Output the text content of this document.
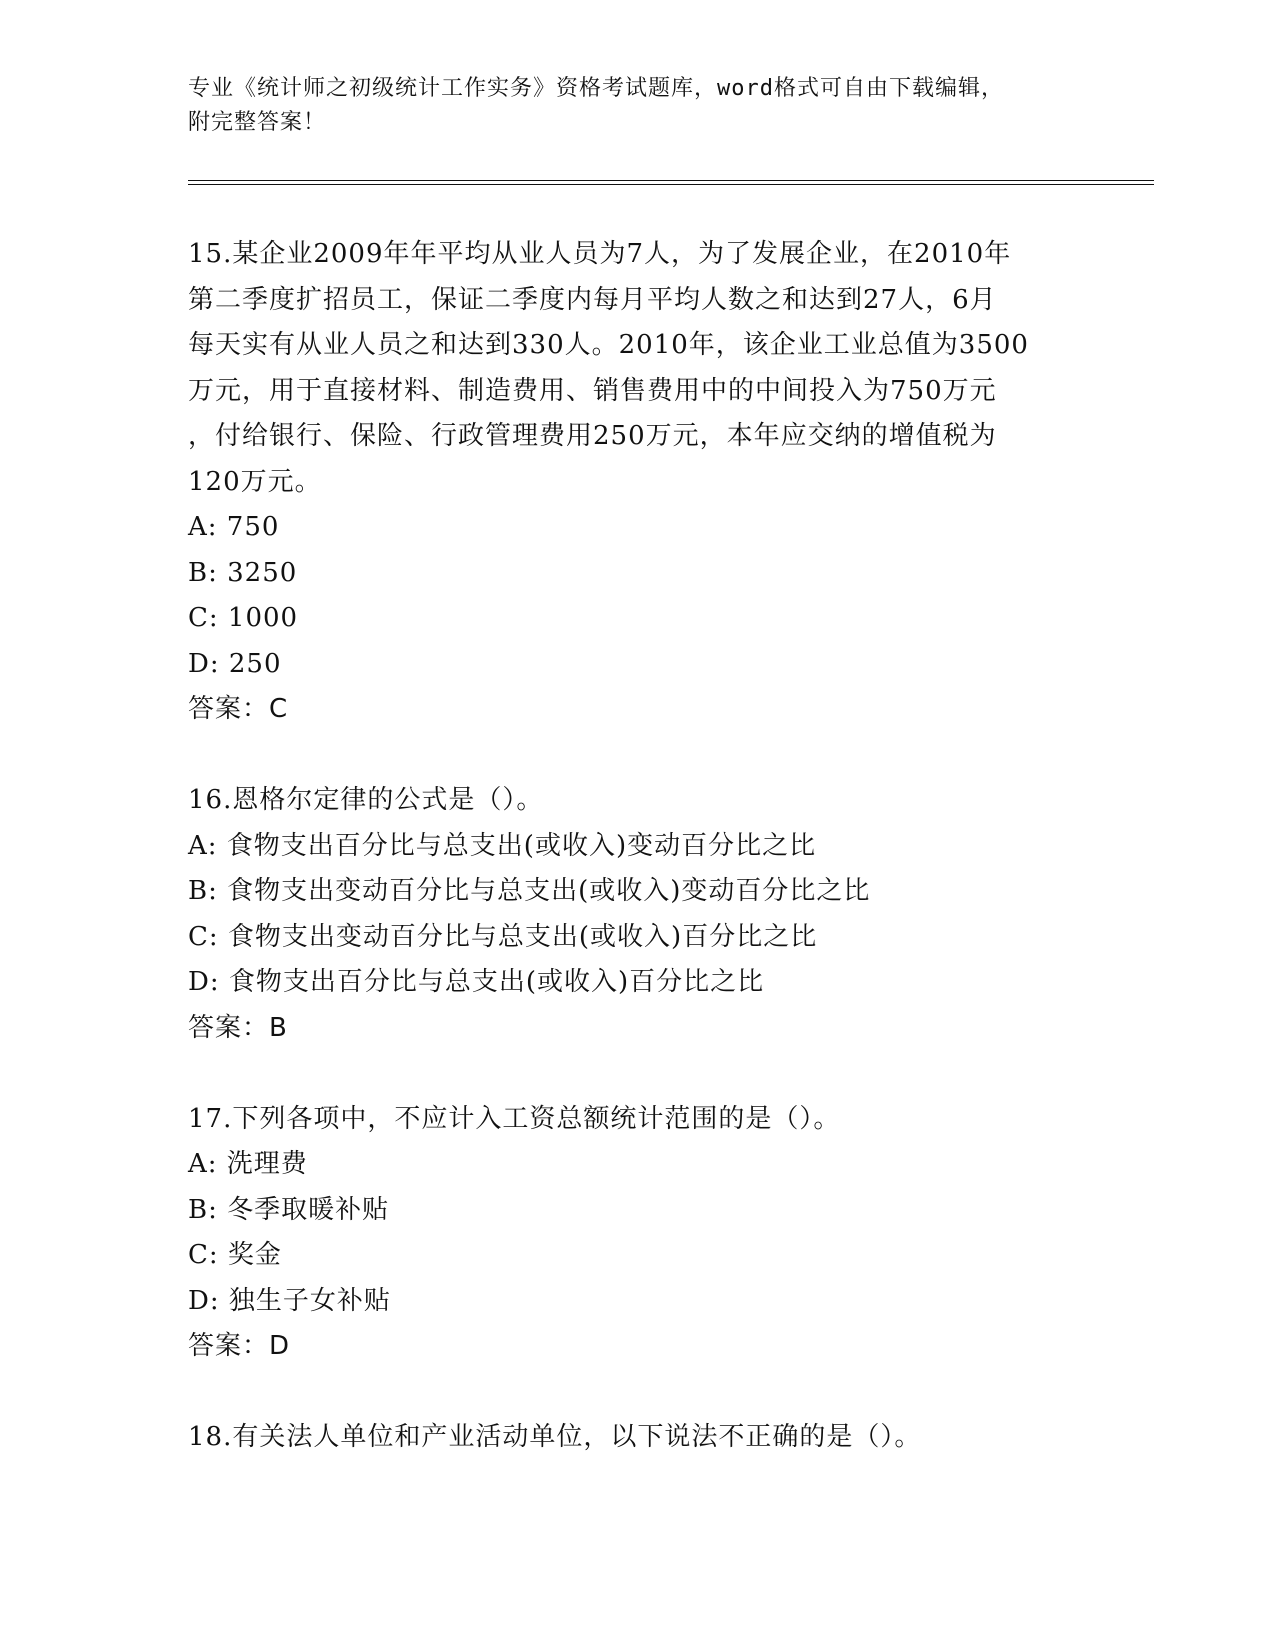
专业《统计师之初级统计工作实务》资格考试题库，word格式可自由下载编辑，
附完整答案！
15.某企业2009年年平均从业人员为7人，为了发展企业，在2010年
第二季度扩招员工，保证二季度内每月平均人数之和达到27人，6月
每天实有从业人员之和达到330人。2010年，该企业工业总值为3500
万元，用于直接材料、制造费用、销售费用中的中间投入为750万元
，付给银行、保险、行政管理费用250万元，本年应交纳的增值税为
120万元。
A: 750
B: 3250
C: 1000
D: 250
答案：C
16.恩格尔定律的公式是（）。
A: 食物支出百分比与总支出(或收入)变动百分比之比
B: 食物支出变动百分比与总支出(或收入)变动百分比之比
C: 食物支出变动百分比与总支出(或收入)百分比之比
D: 食物支出百分比与总支出(或收入)百分比之比
答案：B
17.下列各项中，不应计入工资总额统计范围的是（）。
A: 洗理费
B: 冬季取暖补贴
C: 奖金
D: 独生子女补贴
答案：D
18.有关法人单位和产业活动单位，以下说法不正确的是（）。
